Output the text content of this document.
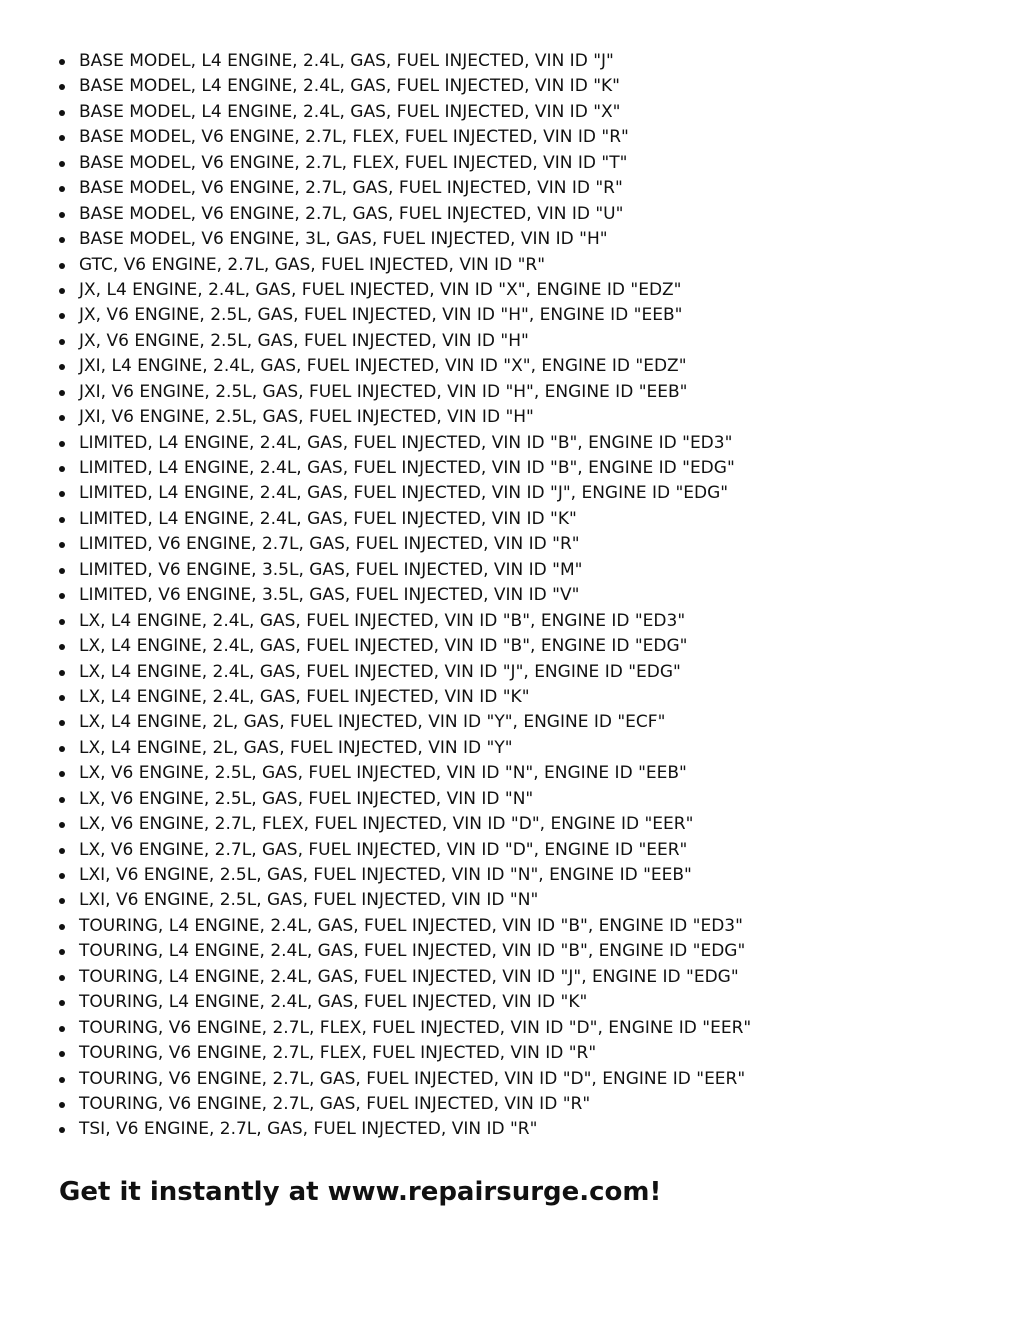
BASE MODEL, L4 ENGINE, 2.4L, GAS, FUEL INJECTED, VIN ID "J"
BASE MODEL, L4 ENGINE, 2.4L, GAS, FUEL INJECTED, VIN ID "K"
BASE MODEL, L4 ENGINE, 2.4L, GAS, FUEL INJECTED, VIN ID "X"
BASE MODEL, V6 ENGINE, 2.7L, FLEX, FUEL INJECTED, VIN ID "R"
BASE MODEL, V6 ENGINE, 2.7L, FLEX, FUEL INJECTED, VIN ID "T"
BASE MODEL, V6 ENGINE, 2.7L, GAS, FUEL INJECTED, VIN ID "R"
BASE MODEL, V6 ENGINE, 2.7L, GAS, FUEL INJECTED, VIN ID "U"
BASE MODEL, V6 ENGINE, 3L, GAS, FUEL INJECTED, VIN ID "H"
GTC, V6 ENGINE, 2.7L, GAS, FUEL INJECTED, VIN ID "R"
JX, L4 ENGINE, 2.4L, GAS, FUEL INJECTED, VIN ID "X", ENGINE ID "EDZ"
JX, V6 ENGINE, 2.5L, GAS, FUEL INJECTED, VIN ID "H", ENGINE ID "EEB"
JX, V6 ENGINE, 2.5L, GAS, FUEL INJECTED, VIN ID "H"
JXI, L4 ENGINE, 2.4L, GAS, FUEL INJECTED, VIN ID "X", ENGINE ID "EDZ"
JXI, V6 ENGINE, 2.5L, GAS, FUEL INJECTED, VIN ID "H", ENGINE ID "EEB"
JXI, V6 ENGINE, 2.5L, GAS, FUEL INJECTED, VIN ID "H"
LIMITED, L4 ENGINE, 2.4L, GAS, FUEL INJECTED, VIN ID "B", ENGINE ID "ED3"
LIMITED, L4 ENGINE, 2.4L, GAS, FUEL INJECTED, VIN ID "B", ENGINE ID "EDG"
LIMITED, L4 ENGINE, 2.4L, GAS, FUEL INJECTED, VIN ID "J", ENGINE ID "EDG"
LIMITED, L4 ENGINE, 2.4L, GAS, FUEL INJECTED, VIN ID "K"
LIMITED, V6 ENGINE, 2.7L, GAS, FUEL INJECTED, VIN ID "R"
LIMITED, V6 ENGINE, 3.5L, GAS, FUEL INJECTED, VIN ID "M"
LIMITED, V6 ENGINE, 3.5L, GAS, FUEL INJECTED, VIN ID "V"
LX, L4 ENGINE, 2.4L, GAS, FUEL INJECTED, VIN ID "B", ENGINE ID "ED3"
LX, L4 ENGINE, 2.4L, GAS, FUEL INJECTED, VIN ID "B", ENGINE ID "EDG"
LX, L4 ENGINE, 2.4L, GAS, FUEL INJECTED, VIN ID "J", ENGINE ID "EDG"
LX, L4 ENGINE, 2.4L, GAS, FUEL INJECTED, VIN ID "K"
LX, L4 ENGINE, 2L, GAS, FUEL INJECTED, VIN ID "Y", ENGINE ID "ECF"
LX, L4 ENGINE, 2L, GAS, FUEL INJECTED, VIN ID "Y"
LX, V6 ENGINE, 2.5L, GAS, FUEL INJECTED, VIN ID "N", ENGINE ID "EEB"
LX, V6 ENGINE, 2.5L, GAS, FUEL INJECTED, VIN ID "N"
LX, V6 ENGINE, 2.7L, FLEX, FUEL INJECTED, VIN ID "D", ENGINE ID "EER"
LX, V6 ENGINE, 2.7L, GAS, FUEL INJECTED, VIN ID "D", ENGINE ID "EER"
LXI, V6 ENGINE, 2.5L, GAS, FUEL INJECTED, VIN ID "N", ENGINE ID "EEB"
LXI, V6 ENGINE, 2.5L, GAS, FUEL INJECTED, VIN ID "N"
TOURING, L4 ENGINE, 2.4L, GAS, FUEL INJECTED, VIN ID "B", ENGINE ID "ED3"
TOURING, L4 ENGINE, 2.4L, GAS, FUEL INJECTED, VIN ID "B", ENGINE ID "EDG"
TOURING, L4 ENGINE, 2.4L, GAS, FUEL INJECTED, VIN ID "J", ENGINE ID "EDG"
TOURING, L4 ENGINE, 2.4L, GAS, FUEL INJECTED, VIN ID "K"
TOURING, V6 ENGINE, 2.7L, FLEX, FUEL INJECTED, VIN ID "D", ENGINE ID "EER"
TOURING, V6 ENGINE, 2.7L, FLEX, FUEL INJECTED, VIN ID "R"
TOURING, V6 ENGINE, 2.7L, GAS, FUEL INJECTED, VIN ID "D", ENGINE ID "EER"
TOURING, V6 ENGINE, 2.7L, GAS, FUEL INJECTED, VIN ID "R"
TSI, V6 ENGINE, 2.7L, GAS, FUEL INJECTED, VIN ID "R"
Get it instantly at www.repairsurge.com!
